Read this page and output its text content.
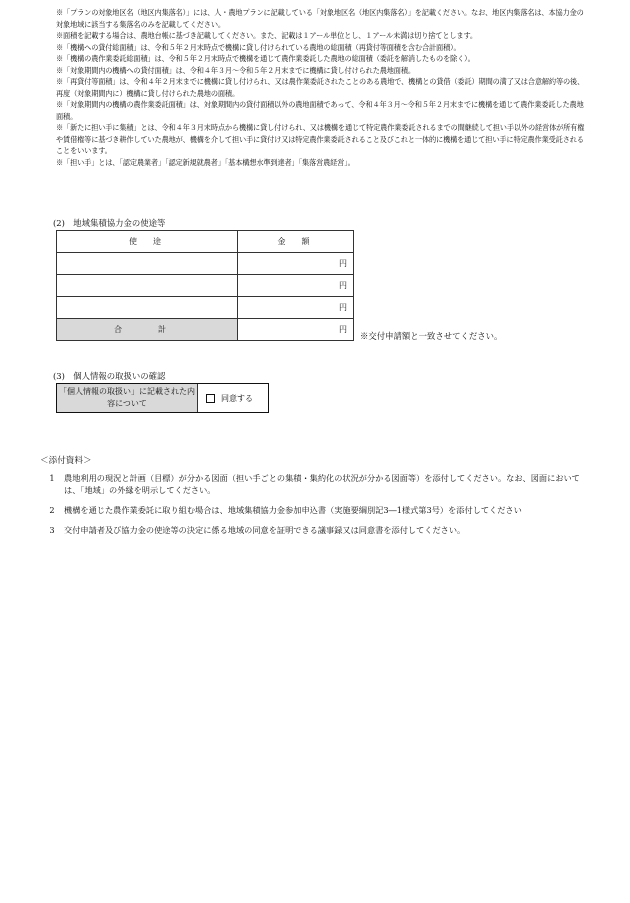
※「プランの対象地区名（地区内集落名）」には、人・農地プランに記載している「対象地区名（地区内集落名）」を記載ください。なお、地区内集落名は、本協力金の対象地域に該当する集落名のみを記載してください。

※面積を記載する場合は、農地台帳に基づき記載してください。また、記載は１アール単位とし、１アール未満は切り捨てとします。

※「機構への貸付総面積」は、令和５年２月末時点で機構に貸し付けられている農地の総面積（再貸付等面積を含む合計面積）。

※「機構の農作業委託総面積」は、令和５年２月末時点で機構を通じて農作業委託した農地の総面積（委託を解消したものを除く）。

※「対象期間内の機構への貸付面積」は、令和４年３月～令和５年２月末までに機構に貸し付けられた農地面積。

※「再貸付等面積」は、令和４年２月末までに機構に貸し付けられ、又は農作業委託されたことのある農地で、機構との貸借（委託）期間の満了又は合意解約等の後、再度（対象期間内に）機構に貸し付けられた農地の面積。

※「対象期間内の機構の農作業委託面積」は、対象期間内の貸付面積以外の農地面積であって、令和４年３月～令和５年２月末までに機構を通じて農作業委託した農地面積。

※「新たに担い手に集積」とは、令和４年３月末時点から機構に貸し付けられ、又は機構を通じて特定農作業委託されるまでの間継続して担い手以外の経営体が所有権や賃借権等に基づき耕作していた農地が、機構を介して担い手に貸付け又は特定農作業委託されること及びこれと一体的に機構を通じて担い手に特定農作業受託されることをいいます。

※「担い手」とは、「認定農業者」「認定新規就農者」「基本構想水準到達者」「集落営農経営」。

(2)　地域集積協力金の使途等
使　途	金　額
	円
	円
	円
合　計	円
※交付申請額と一致させてください。
(3)　個人情報の取扱いの確認
「個人情報の取扱い」に記載された内容について
同意する
＜添付資料＞
1	農地利用の現況と計画（目標）が分かる図面（担い手ごとの集積・集約化の状況が分かる図面等）を添付してください。なお、図面においては、「地域」の外縁を明示してください。
2	機構を通じた農作業委託に取り組む場合は、地域集積協力金参加申込書（実施要綱別記3―1様式第3号）を添付してください
3	交付申請者及び協力金の使途等の決定に係る地域の同意を証明できる議事録又は同意書を添付してください。
